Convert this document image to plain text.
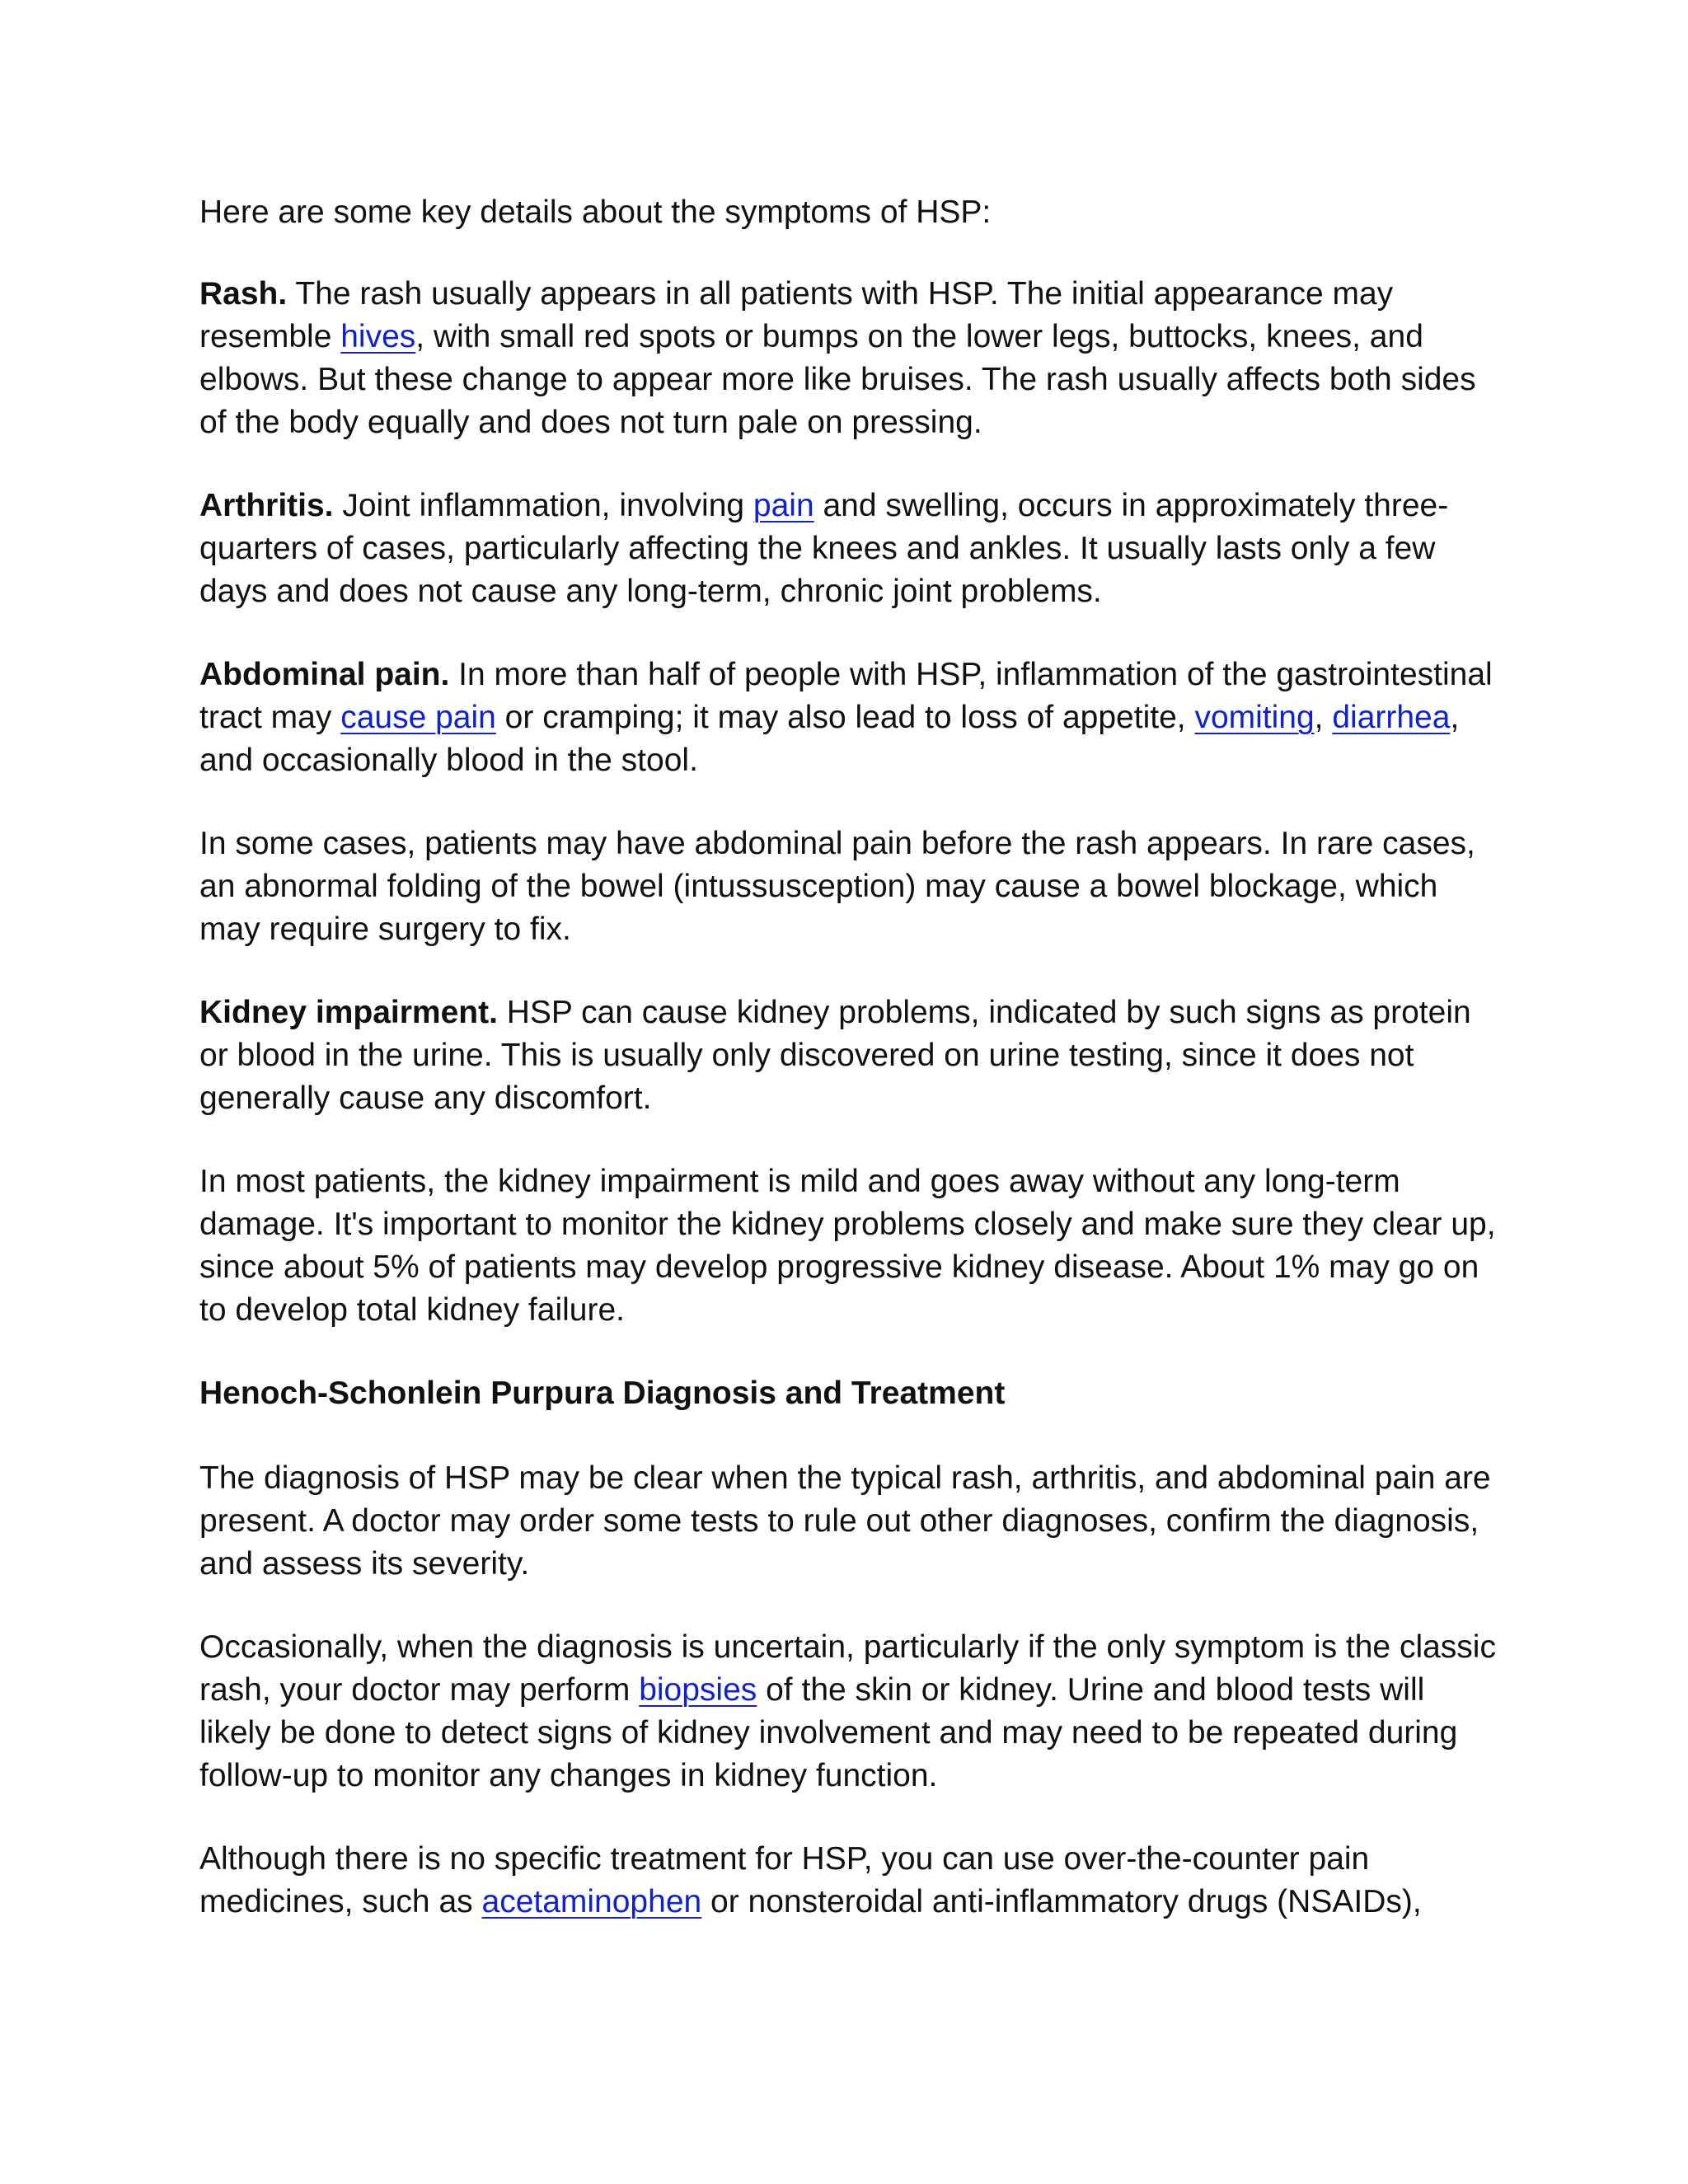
Here are some key details about the symptoms of HSP:

Rash. The rash usually appears in all patients with HSP. The initial appearance may resemble hives, with small red spots or bumps on the lower legs, buttocks, knees, and elbows. But these change to appear more like bruises. The rash usually affects both sides of the body equally and does not turn pale on pressing.

Arthritis. Joint inflammation, involving pain and swelling, occurs in approximately three-quarters of cases, particularly affecting the knees and ankles. It usually lasts only a few days and does not cause any long-term, chronic joint problems.

Abdominal pain. In more than half of people with HSP, inflammation of the gastrointestinal tract may cause pain or cramping; it may also lead to loss of appetite, vomiting, diarrhea, and occasionally blood in the stool.

In some cases, patients may have abdominal pain before the rash appears. In rare cases, an abnormal folding of the bowel (intussusception) may cause a bowel blockage, which may require surgery to fix.

Kidney impairment. HSP can cause kidney problems, indicated by such signs as protein or blood in the urine. This is usually only discovered on urine testing, since it does not generally cause any discomfort.

In most patients, the kidney impairment is mild and goes away without any long-term damage. It's important to monitor the kidney problems closely and make sure they clear up, since about 5% of patients may develop progressive kidney disease. About 1% may go on to develop total kidney failure.

Henoch-Schonlein Purpura Diagnosis and Treatment

The diagnosis of HSP may be clear when the typical rash, arthritis, and abdominal pain are present. A doctor may order some tests to rule out other diagnoses, confirm the diagnosis, and assess its severity.

Occasionally, when the diagnosis is uncertain, particularly if the only symptom is the classic rash, your doctor may perform biopsies of the skin or kidney. Urine and blood tests will likely be done to detect signs of kidney involvement and may need to be repeated during follow-up to monitor any changes in kidney function.

Although there is no specific treatment for HSP, you can use over-the-counter pain medicines, such as acetaminophen or nonsteroidal anti-inflammatory drugs (NSAIDs),
